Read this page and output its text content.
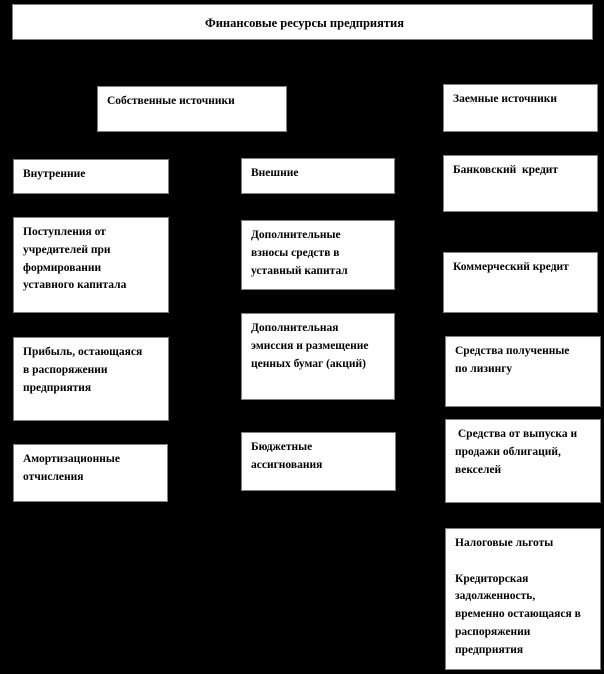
Финансовые ресурсы предприятия
Собственные источники	Заемные источники
Внутренние	Внешние	Банковский  кредит
Поступления от
учредителей при
формировании
уставного капитала
Дополнительные
взносы средств в
уставный капитал	Коммерческий кредит
Прибыль, остающаяся
в распоряжении
предприятия
Дополнительная
эмиссия и размещение
ценных бумаг (акций)
Средства полученные
по лизингу
Амортизационные
отчисления
Бюджетные
ассигнования
Средства от выпуска и
продажи облигаций,
векселей
Налоговые льготы

Кредиторская
задолженность,
временно остающаяся в
распоряжении
предприятия
